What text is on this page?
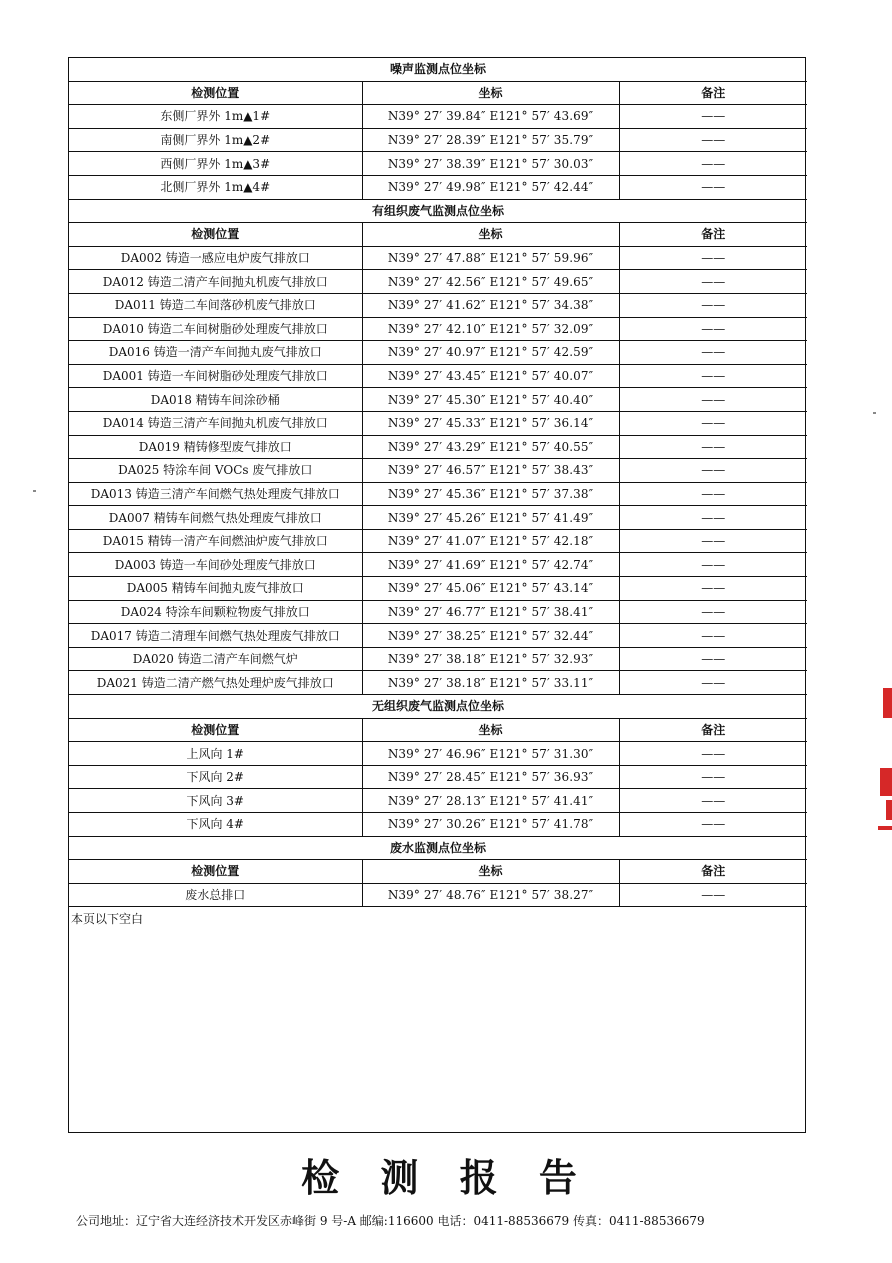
噪声监测点位坐标		
检测位置	坐标	备注
东侧厂界外 1m▲1#	N39° 27′ 39.84″ E121° 57′ 43.69″	——
南侧厂界外 1m▲2#	N39° 27′ 28.39″ E121° 57′ 35.79″	——
西侧厂界外 1m▲3#	N39° 27′ 38.39″ E121° 57′ 30.03″	——
北侧厂界外 1m▲4#	N39° 27′ 49.98″ E121° 57′ 42.44″	——
有组织废气监测点位坐标		
检测位置	坐标	备注
DA002 铸造一感应电炉废气排放口	N39° 27′ 47.88″ E121° 57′ 59.96″	——
DA012 铸造二清产车间抛丸机废气排放口	N39° 27′ 42.56″ E121° 57′ 49.65″	——
DA011 铸造二车间落砂机废气排放口	N39° 27′ 41.62″ E121° 57′ 34.38″	——
DA010 铸造二车间树脂砂处理废气排放口	N39° 27′ 42.10″ E121° 57′ 32.09″	——
DA016 铸造一清产车间抛丸废气排放口	N39° 27′ 40.97″ E121° 57′ 42.59″	——
DA001 铸造一车间树脂砂处理废气排放口	N39° 27′ 43.45″ E121° 57′ 40.07″	——
DA018 精铸车间涂砂桶	N39° 27′ 45.30″ E121° 57′ 40.40″	——
DA014 铸造三清产车间抛丸机废气排放口	N39° 27′ 45.33″ E121° 57′ 36.14″	——
DA019 精铸修型废气排放口	N39° 27′ 43.29″ E121° 57′ 40.55″	——
DA025 特涂车间 VOCs 废气排放口	N39° 27′ 46.57″ E121° 57′ 38.43″	——
DA013 铸造三清产车间燃气热处理废气排放口	N39° 27′ 45.36″ E121° 57′ 37.38″	——
DA007 精铸车间燃气热处理废气排放口	N39° 27′ 45.26″ E121° 57′ 41.49″	——
DA015 精铸一清产车间燃油炉废气排放口	N39° 27′ 41.07″ E121° 57′ 42.18″	——
DA003 铸造一车间砂处理废气排放口	N39° 27′ 41.69″ E121° 57′ 42.74″	——
DA005 精铸车间抛丸废气排放口	N39° 27′ 45.06″ E121° 57′ 43.14″	——
DA024 特涂车间颗粒物废气排放口	N39° 27′ 46.77″ E121° 57′ 38.41″	——
DA017 铸造二清理车间燃气热处理废气排放口	N39° 27′ 38.25″ E121° 57′ 32.44″	——
DA020 铸造二清产车间燃气炉	N39° 27′ 38.18″ E121° 57′ 32.93″	——
DA021 铸造二清产燃气热处理炉废气排放口	N39° 27′ 38.18″ E121° 57′ 33.11″	——
无组织废气监测点位坐标		
检测位置	坐标	备注
上风向 1#	N39° 27′ 46.96″ E121° 57′ 31.30″	——
下风向 2#	N39° 27′ 28.45″ E121° 57′ 36.93″	——
下风向 3#	N39° 27′ 28.13″ E121° 57′ 41.41″	——
下风向 4#	N39° 27′ 30.26″ E121° 57′ 41.78″	——
废水监测点位坐标		
检测位置	坐标	备注
废水总排口	N39° 27′ 48.76″ E121° 57′ 38.27″	——
本页以下空白
检 测 报 告
公司地址：辽宁省大连经济技术开发区赤峰街 9 号-A 邮编:116600 电话：0411-88536679 传真：0411-88536679
